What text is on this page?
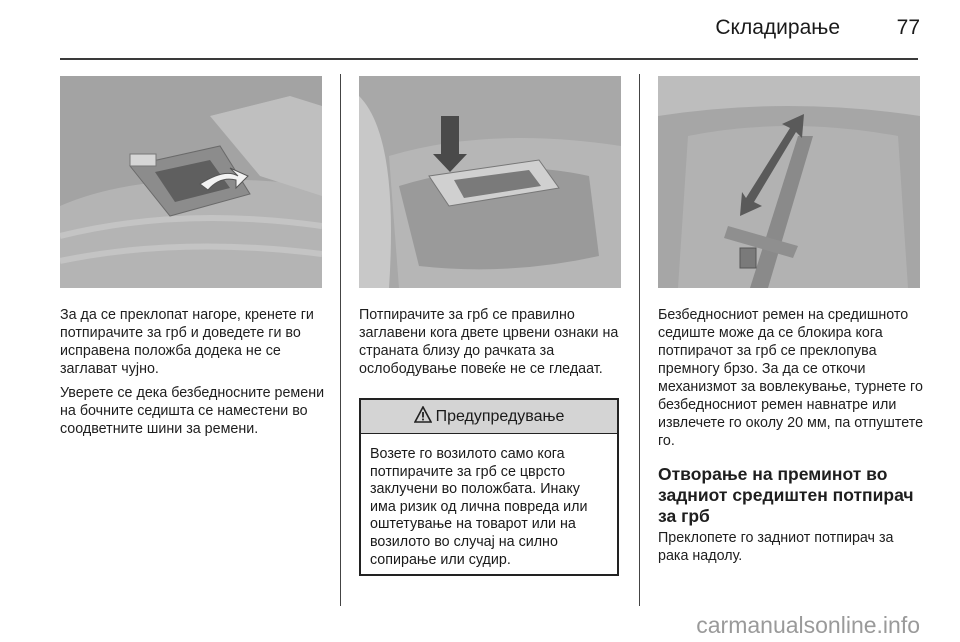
Складирање	77

За да се преклопат нагоре, кренете ги потпирачите за грб и доведете ги во исправена положба додека не се заглават чујно.

Уверете се дека безбедносните ремени на бочните седишта се наместени во соодветните шини за ремени.

Потпирачите за грб се правилно заглавени кога двете црвени ознаки на страната близу до рачката за ослободување повеќе не се гледаат.

Предупредување
Возете го возилото само кога потпирачите за грб се цврсто заклучени во положбата. Инаку има ризик од лична повреда или оштетување на товарот или на возилото во случај на силно сопирање или судир.

Безбедносниот ремен на средишното седиште може да се блокира кога потпирачот за грб се преклопува премногу брзо. За да се откочи механизмот за вовлекување, турнете го безбедносниот ремен навнатре или извлечете го околу 20 мм, па отпуштете го.

Отворање на преминот во задниот средиштен потпирач за грб

Преклопете го задниот потпирач за рака надолу.

carmanualsonline.info
